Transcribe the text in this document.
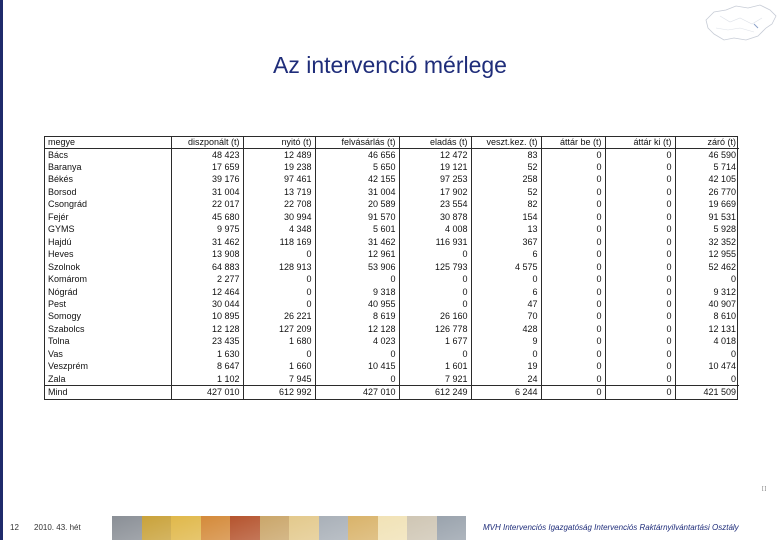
Az intervenció mérlege
megye	diszponált (t)	nyitó (t)	felvásárlás (t)	eladás (t)	veszt.kez. (t)	áttár be (t)	áttár ki (t)	záró (t)
Bács	48 423	12 489	46 656	12 472	83	0	0	46 590
Baranya	17 659	19 238	5 650	19 121	52	0	0	5 714
Békés	39 176	97 461	42 155	97 253	258	0	0	42 105
Borsod	31 004	13 719	31 004	17 902	52	0	0	26 770
Csongrád	22 017	22 708	20 589	23 554	82	0	0	19 669
Fejér	45 680	30 994	91 570	30 878	154	0	0	91 531
GYMS	9 975	4 348	5 601	4 008	13	0	0	5 928
Hajdú	31 462	118 169	31 462	116 931	367	0	0	32 352
Heves	13 908	0	12 961	0	6	0	0	12 955
Szolnok	64 883	128 913	53 906	125 793	4 575	0	0	52 462
Komárom	2 277	0	0	0	0	0	0	0
Nógrád	12 464	0	9 318	0	6	0	0	9 312
Pest	30 044	0	40 955	0	47	0	0	40 907
Somogy	10 895	26 221	8 619	26 160	70	0	0	8 610
Szabolcs	12 128	127 209	12 128	126 778	428	0	0	12 131
Tolna	23 435	1 680	4 023	1 677	9	0	0	4 018
Vas	1 630	0	0	0	0	0	0	0
Veszprém	8 647	1 660	10 415	1 601	19	0	0	10 474
Zala	1 102	7 945	0	7 921	24	0	0	0
Mind	427 010	612 992	427 010	612 249	6 244	0	0	421 509
[ ]
12 2010. 43. hét	MVH Intervenciós Igazgatóság Intervenciós Raktárnyilvántartási Osztály
